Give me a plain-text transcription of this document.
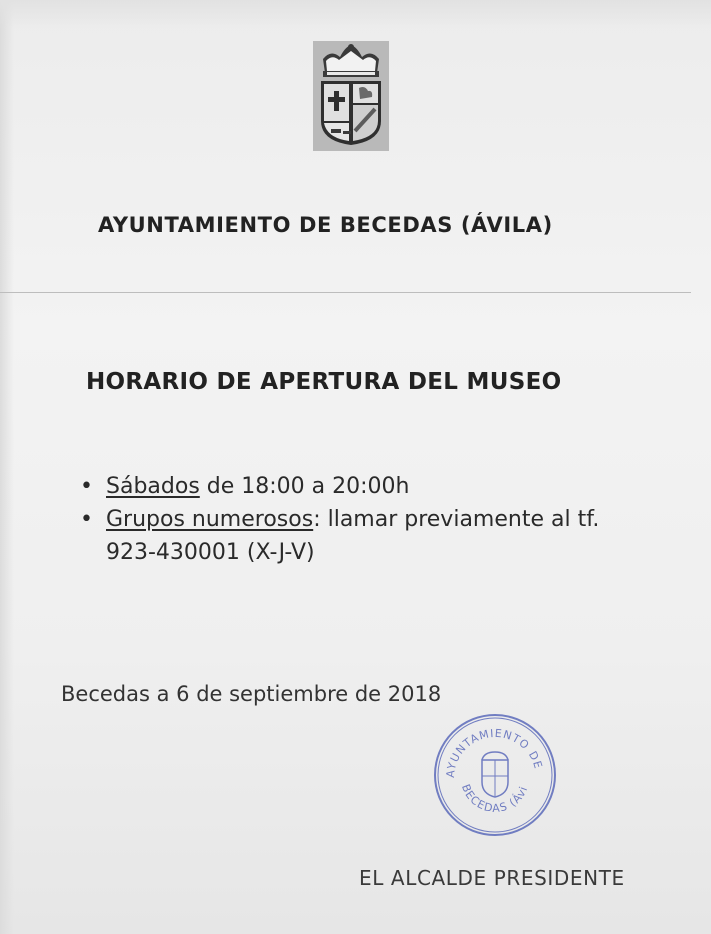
AYUNTAMIENTO DE BECEDAS (ÁVILA)
HORARIO DE APERTURA DEL MUSEO
• Sábados de 18:00 a 20:00h
• Grupos numerosos: llamar previamente al tf.
923-430001 (X-J-V)
Becedas a 6 de septiembre de 2018
AYUNTAMIENTO DE
BECEDAS (Ávi
EL ALCALDE PRESIDENTE
